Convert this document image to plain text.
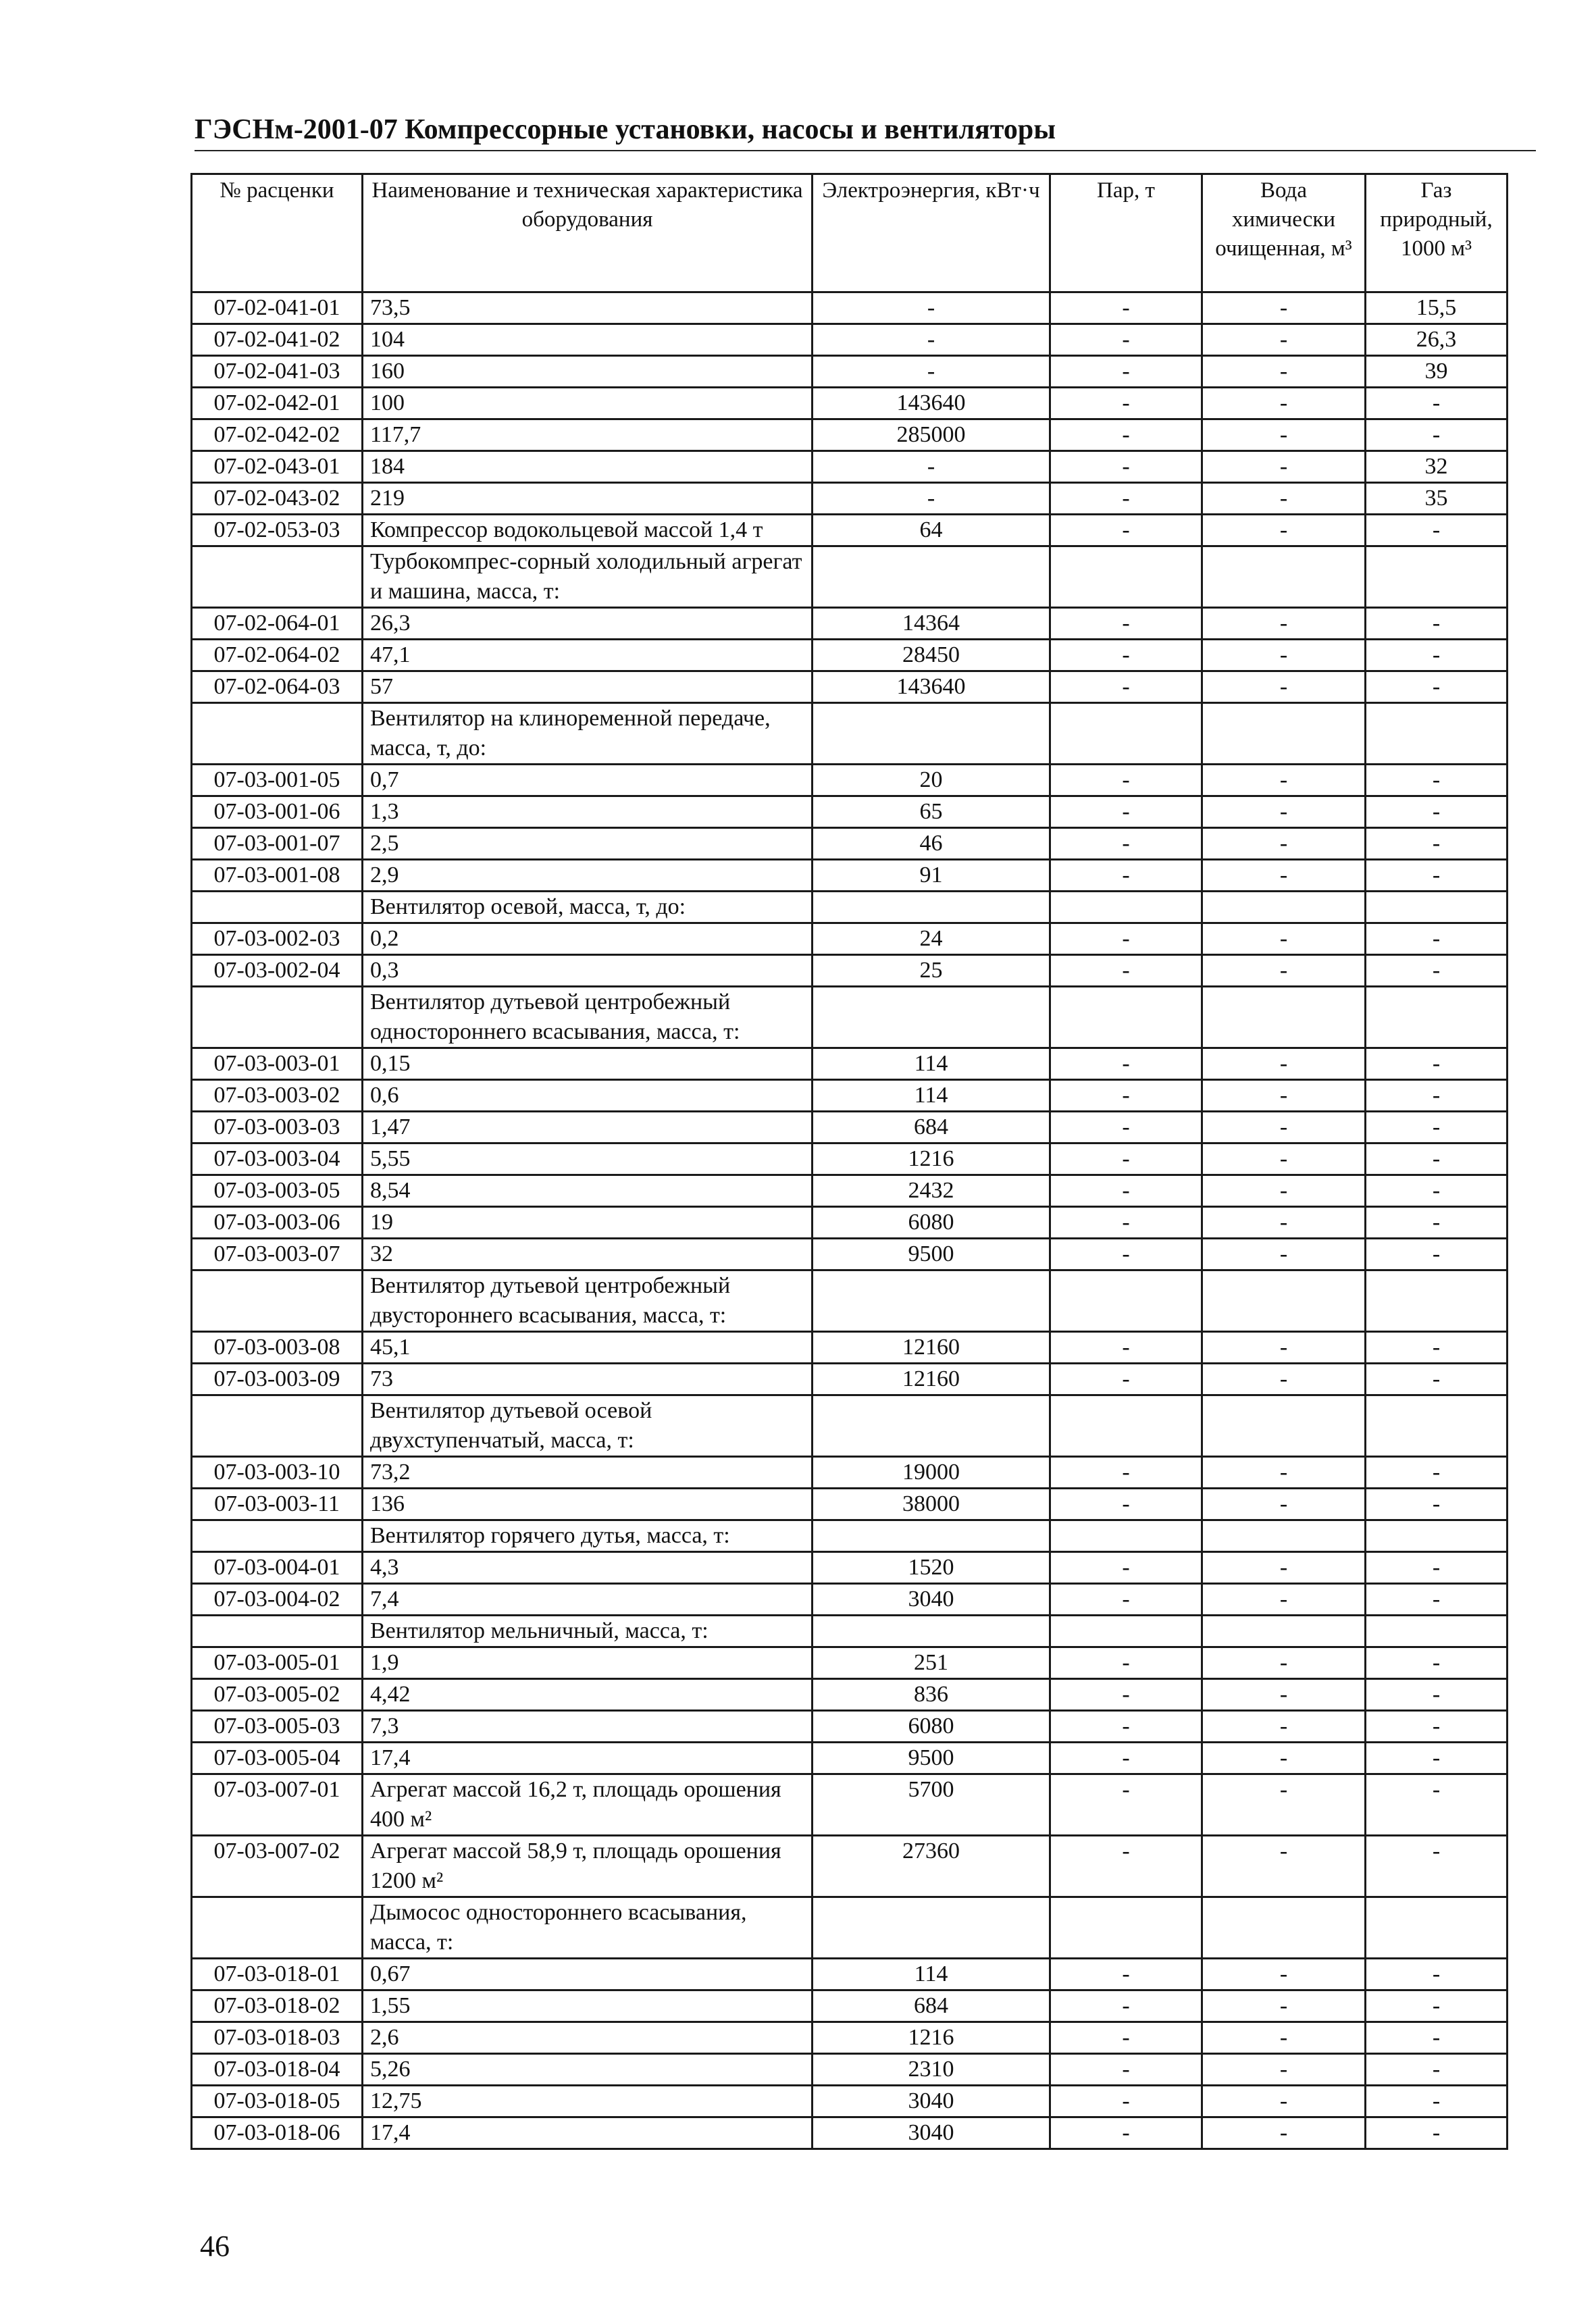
ГЭСНм-2001-07 Компрессорные установки, насосы и вентиляторы
№ расценки	Наименование и техническая характеристика оборудования	Электроэнергия, кВт·ч	Пар, т	Вода химически очищенная, м³	Газ природный, 1000 м³
07-02-041-01	73,5	-	-	-	15,5
07-02-041-02	104	-	-	-	26,3
07-02-041-03	160	-	-	-	39
07-02-042-01	100	143640	-	-	-
07-02-042-02	117,7	285000	-	-	-
07-02-043-01	184	-	-	-	32
07-02-043-02	219	-	-	-	35
07-02-053-03	Компрессор водокольцевой массой 1,4 т	64	-	-	-
	Турбокомпрес-сорный холодильный агрегат и машина, масса, т:				
07-02-064-01	26,3	14364	-	-	-
07-02-064-02	47,1	28450	-	-	-
07-02-064-03	57	143640	-	-	-
	Вентилятор на клиноременной передаче, масса, т, до:				
07-03-001-05	0,7	20	-	-	-
07-03-001-06	1,3	65	-	-	-
07-03-001-07	2,5	46	-	-	-
07-03-001-08	2,9	91	-	-	-
	Вентилятор осевой, масса, т, до:				
07-03-002-03	0,2	24	-	-	-
07-03-002-04	0,3	25	-	-	-
	Вентилятор дутьевой центробежный одностороннего всасывания, масса, т:				
07-03-003-01	0,15	114	-	-	-
07-03-003-02	0,6	114	-	-	-
07-03-003-03	1,47	684	-	-	-
07-03-003-04	5,55	1216	-	-	-
07-03-003-05	8,54	2432	-	-	-
07-03-003-06	19	6080	-	-	-
07-03-003-07	32	9500	-	-	-
	Вентилятор дутьевой центробежный двустороннего всасывания, масса, т:				
07-03-003-08	45,1	12160	-	-	-
07-03-003-09	73	12160	-	-	-
	Вентилятор дутьевой осевой двухступенчатый, масса, т:				
07-03-003-10	73,2	19000	-	-	-
07-03-003-11	136	38000	-	-	-
	Вентилятор горячего дутья, масса, т:				
07-03-004-01	4,3	1520	-	-	-
07-03-004-02	7,4	3040	-	-	-
	Вентилятор мельничный, масса, т:				
07-03-005-01	1,9	251	-	-	-
07-03-005-02	4,42	836	-	-	-
07-03-005-03	7,3	6080	-	-	-
07-03-005-04	17,4	9500	-	-	-
07-03-007-01	Агрегат массой 16,2 т, площадь орошения 400 м²	5700	-	-	-
07-03-007-02	Агрегат массой 58,9 т, площадь орошения 1200 м²	27360	-	-	-
	Дымосос одностороннего всасывания, масса, т:				
07-03-018-01	0,67	114	-	-	-
07-03-018-02	1,55	684	-	-	-
07-03-018-03	2,6	1216	-	-	-
07-03-018-04	5,26	2310	-	-	-
07-03-018-05	12,75	3040	-	-	-
07-03-018-06	17,4	3040	-	-	-
46
